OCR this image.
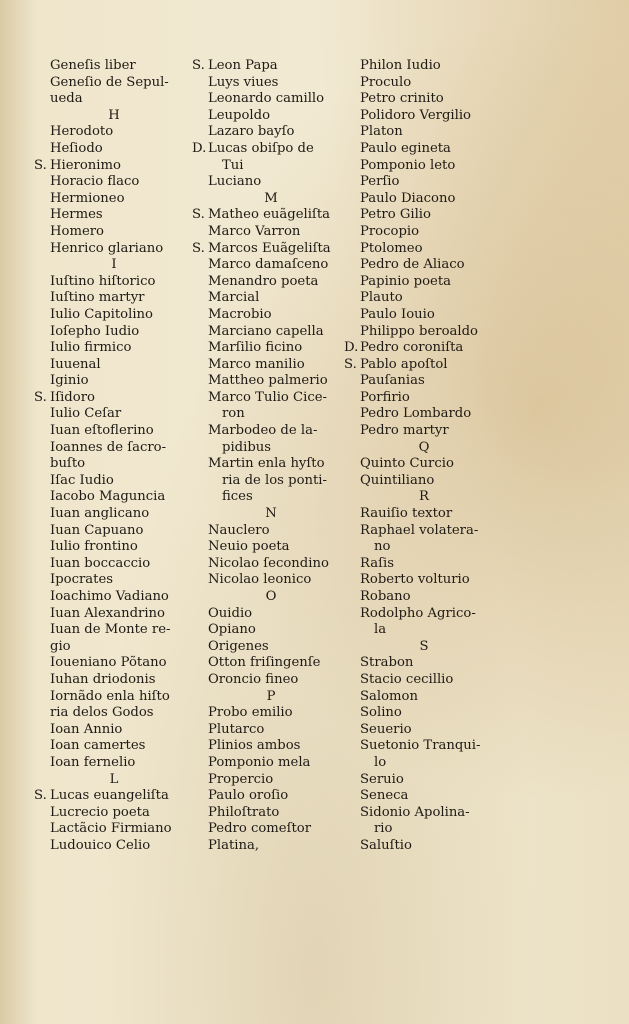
Geneſis liber
Geneſio de Sepul-
ueda
H
Herodoto
Heſiodo
S. Hieronimo
Horacio flaco
Hermioneo
Hermes
Homero
Henrico glariano
I
Iuſtino hiſtorico
Iuſtino martyr
Iulio Capitolino
Ioſepho Iudio
Iulio firmico
Iuuenal
Iginio
S. Iſidoro
Iulio Ceſar
Iuan eſtoflerino
Ioannes de ſacro-
buſto
Iſac Iudio
Iacobo Maguncia
Iuan anglicano
Iuan Capuano
Iulio frontino
Iuan boccaccio
Ipocrates
Ioachimo Vadiano
Iuan Alexandrino
Iuan de Monte re-
gio
Ioueniano Põtano
Iuhan driodonis
Iornãdo enla hiſto
ria delos Godos
Ioan Annio
Ioan camertes
Ioan fernelio
L
S. Lucas euangeliſta
Lucrecio poeta
Lactãcio Firmiano
Ludouico Celio
S. Leon Papa
Luys viues
Leonardo camillo
Leupoldo
Lazaro bayſo
D. Lucas obiſpo de
Tui
Luciano
M
S. Matheo euãgeliſta
Marco Varron
S. Marcos Euãgeliſta
Marco damaſceno
Menandro poeta
Marcial
Macrobio
Marciano capella
Marſilio ficino
Marco manilio
Mattheo palmerio
Marco Tulio Cice-
ron
Marbodeo de la-
pidibus
Martin enla hyſto
ria de los ponti-
fices
N
Nauclero
Neuio poeta
Nicolao ſecondino
Nicolao leonico
O
Ouidio
Opiano
Origenes
Otton friſingenſe
Oroncio fineo
P
Probo emilio
Plutarco
Plinios ambos
Pomponio mela
Propercio
Paulo oroſio
Philoſtrato
Pedro comeſtor
Platina,
Philon Iudio
Proculo
Petro crinito
Polidoro Vergilio
Platon
Paulo egineta
Pomponio leto
Perſio
Paulo Diacono
Petro Gilio
Procopio
Ptolomeo
Pedro de Aliaco
Papinio poeta
Plauto
Paulo Iouio
Philippo beroaldo
D. Pedro coroniſta
S. Pablo apoſtol
Pauſanias
Porfirio
Pedro Lombardo
Pedro martyr
Q
Quinto Curcio
Quintiliano
R
Rauiſio textor
Raphael volatera-
no
Raſis
Roberto volturio
Robano
Rodolpho Agrico-
la
S
Strabon
Stacio cecillio
Salomon
Solino
Seuerio
Suetonio Tranqui-
lo
Seruio
Seneca
Sidonio Apolina-
rio
Saluſtio
